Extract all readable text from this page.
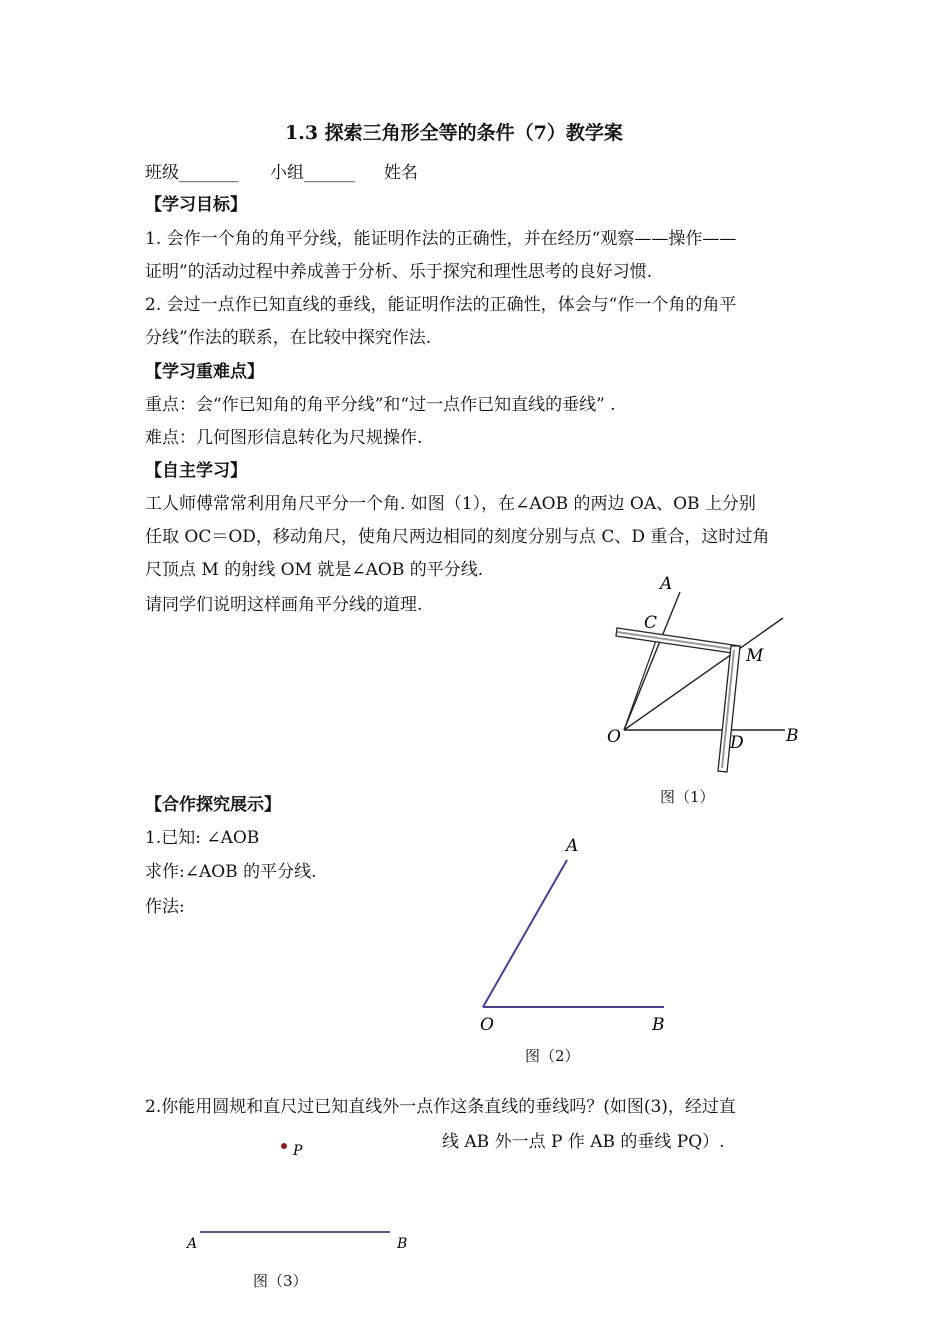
1.3 探索三角形全等的条件（7）教学案
班级_______ 小组______ 姓名
【学习目标】
1. 会作一个角的角平分线，能证明作法的正确性，并在经历“观察——操作——
证明”的活动过程中养成善于分析、乐于探究和理性思考的良好习惯.
2. 会过一点作已知直线的垂线，能证明作法的正确性，体会与“作一个角的角平
分线”作法的联系，在比较中探究作法.
【学习重难点】
重点：会“作已知角的角平分线”和“过一点作已知直线的垂线” .
难点：几何图形信息转化为尺规操作.
【自主学习】
工人师傅常常利用角尺平分一个角. 如图（1），在∠AOB 的两边 OA、OB 上分别
任取 OC＝OD，移动角尺，使角尺两边相同的刻度分别与点 C、D 重合，这时过角
尺顶点 M 的射线 OM 就是∠AOB 的平分线.
请同学们说明这样画角平分线的道理.
A
C
M
O	D B
图（1）
【合作探究展示】
1.已知: ∠AOB
求作:∠AOB 的平分线.
作法:
A
O	B
图（2）
2.你能用圆规和直尺过已知直线外一点作这条直线的垂线吗？(如图(3)，经过直
线 AB 外一点 P 作 AB 的垂线 PQ）.
P
A	B
图（3）
